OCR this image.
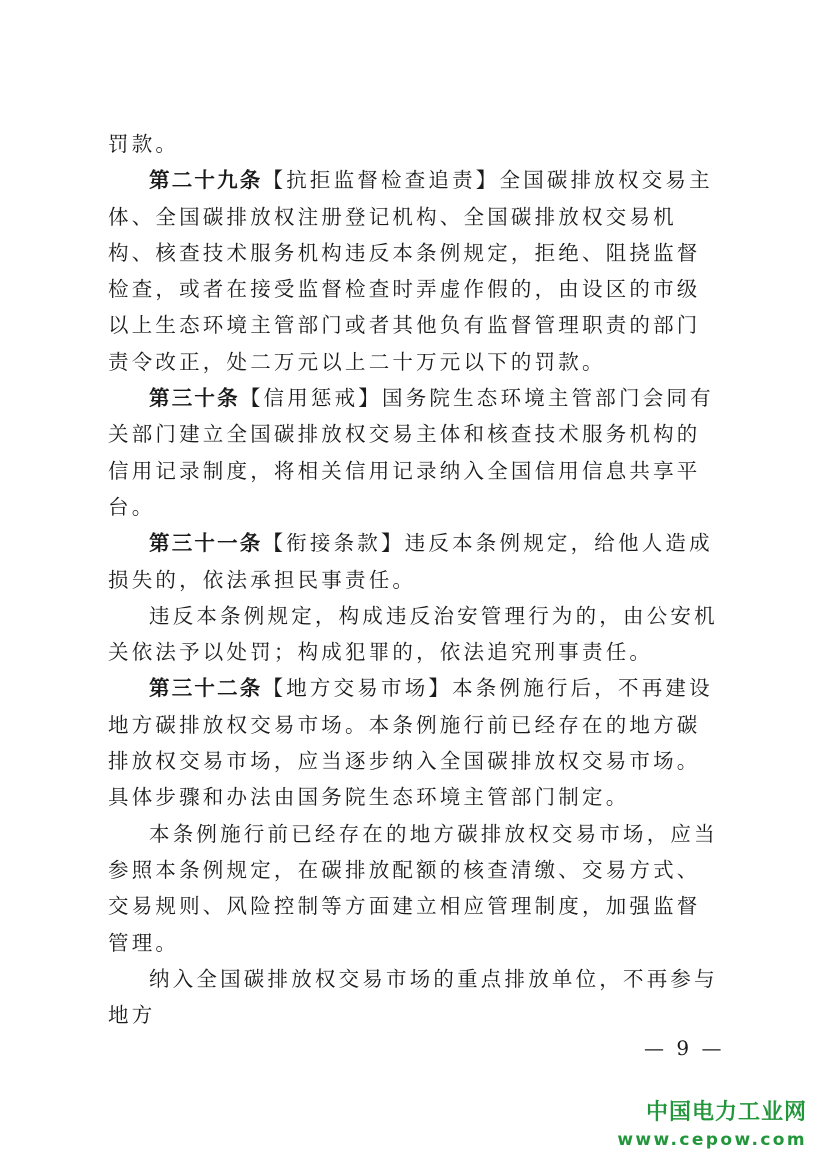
罚款。

第二十九条【抗拒监督检查追责】全国碳排放权交易主体、全国碳排放权注册登记机构、全国碳排放权交易机构、核查技术服务机构违反本条例规定，拒绝、阻挠监督检查，或者在接受监督检查时弄虚作假的，由设区的市级以上生态环境主管部门或者其他负有监督管理职责的部门责令改正，处二万元以上二十万元以下的罚款。

第三十条【信用惩戒】国务院生态环境主管部门会同有关部门建立全国碳排放权交易主体和核查技术服务机构的信用记录制度，将相关信用记录纳入全国信用信息共享平台。

第三十一条【衔接条款】违反本条例规定，给他人造成损失的，依法承担民事责任。

违反本条例规定，构成违反治安管理行为的，由公安机关依法予以处罚；构成犯罪的，依法追究刑事责任。

第三十二条【地方交易市场】本条例施行后，不再建设地方碳排放权交易市场。本条例施行前已经存在的地方碳排放权交易市场，应当逐步纳入全国碳排放权交易市场。具体步骤和办法由国务院生态环境主管部门制定。

本条例施行前已经存在的地方碳排放权交易市场，应当参照本条例规定，在碳排放配额的核查清缴、交易方式、交易规则、风险控制等方面建立相应管理制度，加强监督管理。

纳入全国碳排放权交易市场的重点排放单位，不再参与地方

— 9 —
中国电力工业网
www.cepow.com
